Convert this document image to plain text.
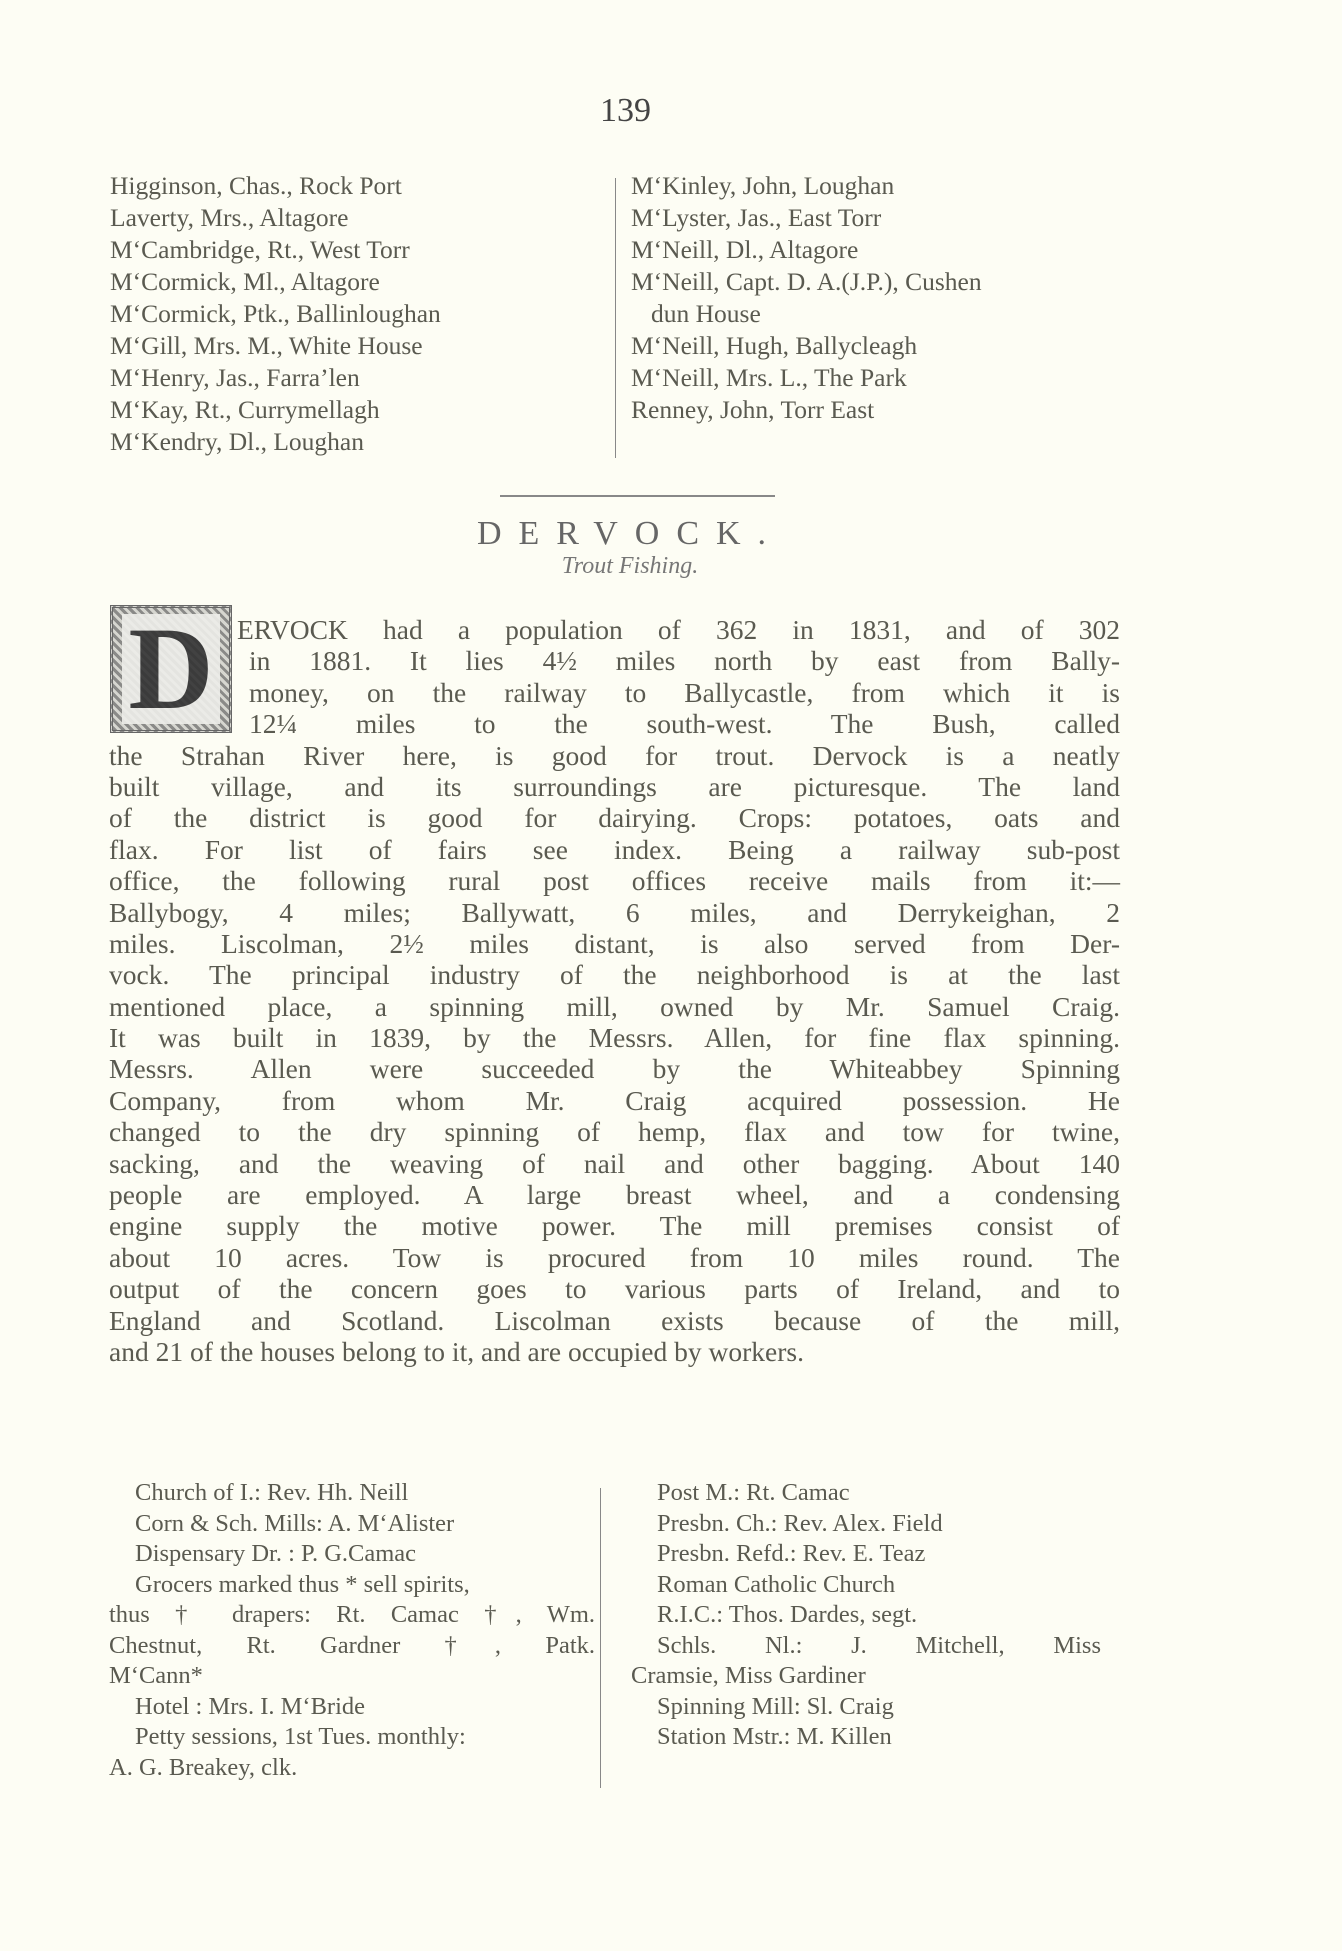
139
Higginson, Chas., Rock Port
Laverty, Mrs., Altagore
M‘Cambridge, Rt., West Torr
M‘Cormick, Ml., Altagore
M‘Cormick, Ptk., Ballinloughan
M‘Gill, Mrs. M., White House
M‘Henry, Jas., Farra’len
M‘Kay, Rt., Currymellagh
M‘Kendry, Dl., Loughan
M‘Kinley, John, Loughan
M‘Lyster, Jas., East Torr
M‘Neill, Dl., Altagore
M‘Neill, Capt. D. A.(J.P.), Cushen
dun House
M‘Neill, Hugh, Ballycleagh
M‘Neill, Mrs. L., The Park
Renney, John, Torr East
DERVOCK.
Trout Fishing.
D ERVOCK had a population of 362 in 1831, and of 302
in 1881. It lies 4½ miles north by east from Bally-
money, on the railway to Ballycastle, from which it is
12¼ miles to the south-west. The Bush, called
the Strahan River here, is good for trout. Dervock is a neatly
built village, and its surroundings are picturesque. The land
of the district is good for dairying. Crops: potatoes, oats and
flax. For list of fairs see index. Being a railway sub-post
office, the following rural post offices receive mails from it:—
Ballybogy, 4 miles; Ballywatt, 6 miles, and Derrykeighan, 2
miles. Liscolman, 2½ miles distant, is also served from Der-
vock. The principal industry of the neighborhood is at the last
mentioned place, a spinning mill, owned by Mr. Samuel Craig.
It was built in 1839, by the Messrs. Allen, for fine flax spinning.
Messrs. Allen were succeeded by the Whiteabbey Spinning
Company, from whom Mr. Craig acquired possession. He
changed to the dry spinning of hemp, flax and tow for twine,
sacking, and the weaving of nail and other bagging. About 140
people are employed. A large breast wheel, and a condensing
engine supply the motive power. The mill premises consist of
about 10 acres. Tow is procured from 10 miles round. The
output of the concern goes to various parts of Ireland, and to
England and Scotland. Liscolman exists because of the mill,
and 21 of the houses belong to it, and are occupied by workers.
Church of I.: Rev. Hh. Neill
Corn & Sch. Mills: A. M‘Alister
Dispensary Dr. : P. G.Camac
Grocers marked thus * sell spirits,
thus † drapers: Rt. Camac †, Wm.
Chestnut, Rt. Gardner †, Patk.
M‘Cann*
Hotel : Mrs. I. M‘Bride
Petty sessions, 1st Tues. monthly:
A. G. Breakey, clk.
Post M.: Rt. Camac
Presbn. Ch.: Rev. Alex. Field
Presbn. Refd.: Rev. E. Teaz
Roman Catholic Church
R.I.C.: Thos. Dardes, segt.
Schls. Nl.: J. Mitchell, Miss
Cramsie, Miss Gardiner
Spinning Mill: Sl. Craig
Station Mstr.: M. Killen
